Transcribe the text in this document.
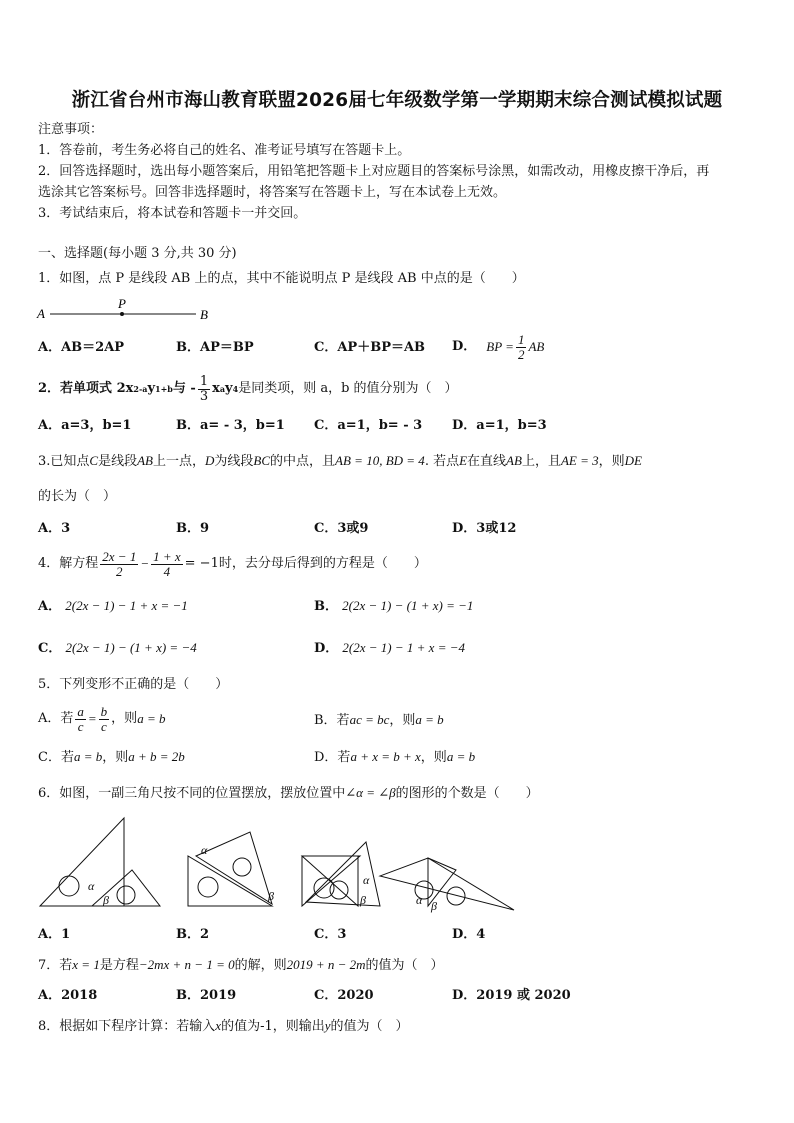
浙江省台州市海山教育联盟2026届七年级数学第一学期期末综合测试模拟试题
注意事项：
1．答卷前，考生务必将自己的姓名、准考证号填写在答题卡上。
2．回答选择题时，选出每小题答案后，用铅笔把答题卡上对应题目的答案标号涂黑，如需改动，用橡皮擦干净后，再
选涂其它答案标号。回答非选择题时，将答案写在答题卡上，写在本试卷上无效。
3．考试结束后，将本试卷和答题卡一并交回。
一、选择题(每小题 3 分,共 30 分)
1．如图，点 P 是线段 AB 上的点，其中不能说明点 P 是线段 AB 中点的是（　　）
A
P
B
A．AB＝2AP	B．AP＝BP	C．AP＋BP＝AB D． BP = $\frac{1}{2}$ AB
2．若单项式 2x 2-a y 1+b 与 - $\frac{1}{3}$ x a y 4 是同类项，则 a，b 的值分别为（　）
A．a=3，b=1	B．a= - 3，b=1 C．a=1，b= - 3 D．a=1，b=3
3.已知点C是线段AB上一点，D为线段BC的中点，且AB = 10, BD = 4. 若点E在直线AB上，且AE = 3，则DE
的长为（　）
A．3	B．9	C．3或9	D．3或12
4．解方程 $\frac{2x - 1}{2} - \frac{1 + x}{4} = -1$时，去分母后得到的方程是（　　）
A． 2(2x − 1) − 1 + x = −1	B． 2(2x − 1) − (1 + x) = −1
C． 2(2x − 1) − (1 + x) = −4	D． 2(2x − 1) − 1 + x = −4
5．下列变形不正确的是（　　）
A．若 $\frac{a}{c} = \frac{b}{c}$ ，则 a = b	B．若ac = bc，则a = b
C．若a = b，则a + b = 2b	D．若a + x = b + x，则a = b
6．如图，一副三角尺按不同的位置摆放，摆放位置中∠α = ∠β的图形的个数是（　　）
α
β
α
β
α
β	α β
A．1	B．2	C．3	D．4
7．若x = 1是方程−2mx + n − 1 = 0的解，则2019 + n − 2m的值为（　）
A．2018	B．2019	C．2020	D．2019 或 2020
8．根据如下程序计算：若输入x的值为-1，则输出y的值为（　）
